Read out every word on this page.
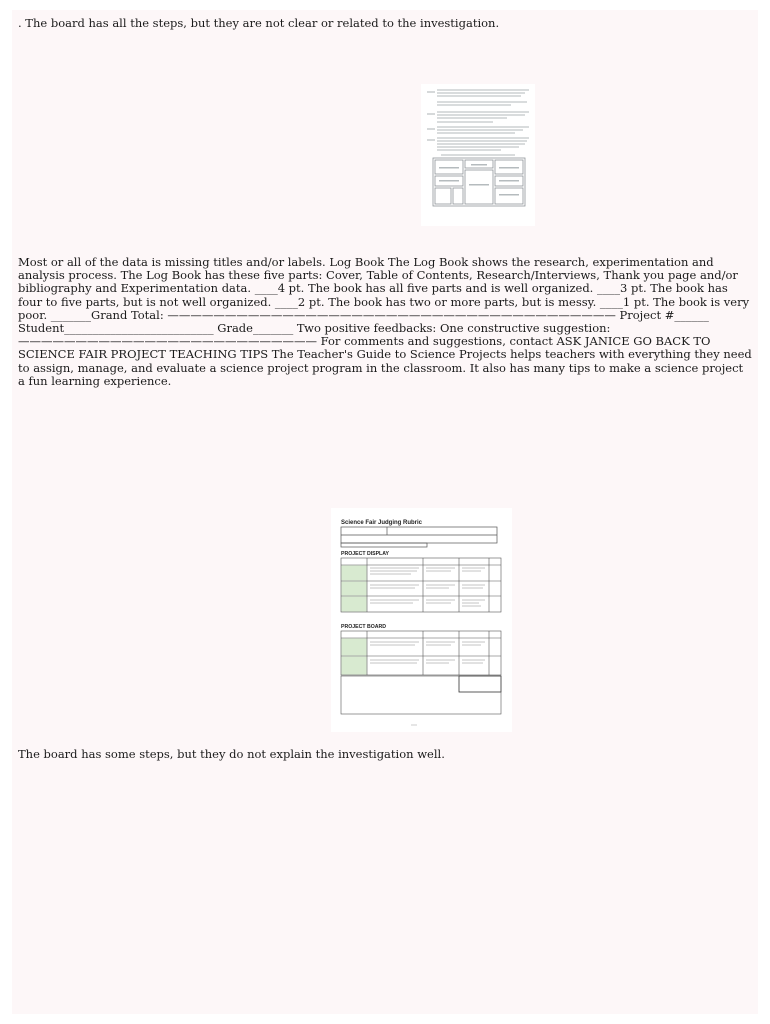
. The board has all the steps, but they are not clear or related to the investigation.

Most or all of the data is missing titles and/or labels. Log Book The Log Book shows the research, experimentation and analysis process. The Log Book has these five parts: Cover, Table of Contents, Research/Interviews, Thank you page and/or bibliography and Experimentation data. ____4 pt. The book has all five parts and is well organized. ____3 pt. The book has four to five parts, but is not well organized. ____2 pt. The book has two or more parts, but is messy. ____1 pt. The book is very poor. _______Grand Total: ——————————————————————————————————————— Project #______ Student__________________________ Grade_______ Two positive feedbacks: One constructive suggestion: —————————————————————————— For comments and suggestions, contact ASK JANICE GO BACK TO SCIENCE FAIR PROJECT TEACHING TIPS The Teacher's Guide to Science Projects helps teachers with everything they need to assign, manage, and evaluate a science project program in the classroom. It also has many tips to make a science project a fun learning experience.

Science Fair Judging Rubric
PROJECT DISPLAY
PROJECT BOARD

The board has some steps, but they do not explain the investigation well.
